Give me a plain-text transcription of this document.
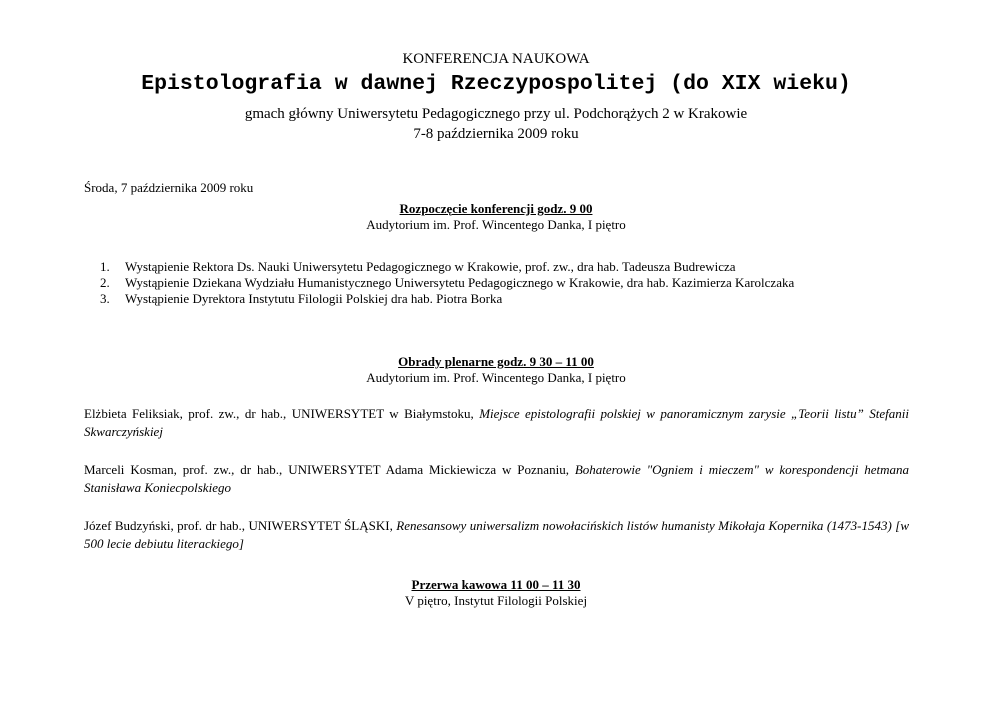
KONFERENCJA NAUKOWA
Epistolografia w dawnej Rzeczypospolitej (do XIX wieku)
gmach główny Uniwersytetu Pedagogicznego przy ul. Podchorążych 2 w Krakowie
7-8 października 2009 roku
Środa, 7 października 2009 roku
Rozpoczęcie konferencji godz. 9 00
Audytorium im. Prof. Wincentego Danka, I piętro
1. Wystąpienie Rektora Ds. Nauki Uniwersytetu Pedagogicznego w Krakowie, prof. zw., dra hab. Tadeusza Budrewicza
2. Wystąpienie Dziekana Wydziału Humanistycznego Uniwersytetu Pedagogicznego w Krakowie, dra hab. Kazimierza Karolczaka
3. Wystąpienie Dyrektora Instytutu Filologii Polskiej dra hab. Piotra Borka
Obrady plenarne godz. 9 30 – 11 00
Audytorium im. Prof. Wincentego Danka, I piętro
Elżbieta Feliksiak, prof. zw., dr hab., UNIWERSYTET w Białymstoku, Miejsce epistolografii polskiej w panoramicznym zarysie „Teorii listu” Stefanii Skwarczyńskiej
Marceli Kosman, prof. zw., dr hab., UNIWERSYTET Adama Mickiewicza w Poznaniu, Bohaterowie "Ogniem i mieczem" w korespondencji hetmana Stanisława Koniecpolskiego
Józef Budzyński, prof. dr hab., UNIWERSYTET ŚLĄSKI, Renesansowy uniwersalizm nowołacińskich listów humanisty Mikołaja Kopernika (1473-1543) [w 500 lecie debiutu literackiego]
Przerwa kawowa 11 00 – 11 30
V piętro, Instytut Filologii Polskiej
